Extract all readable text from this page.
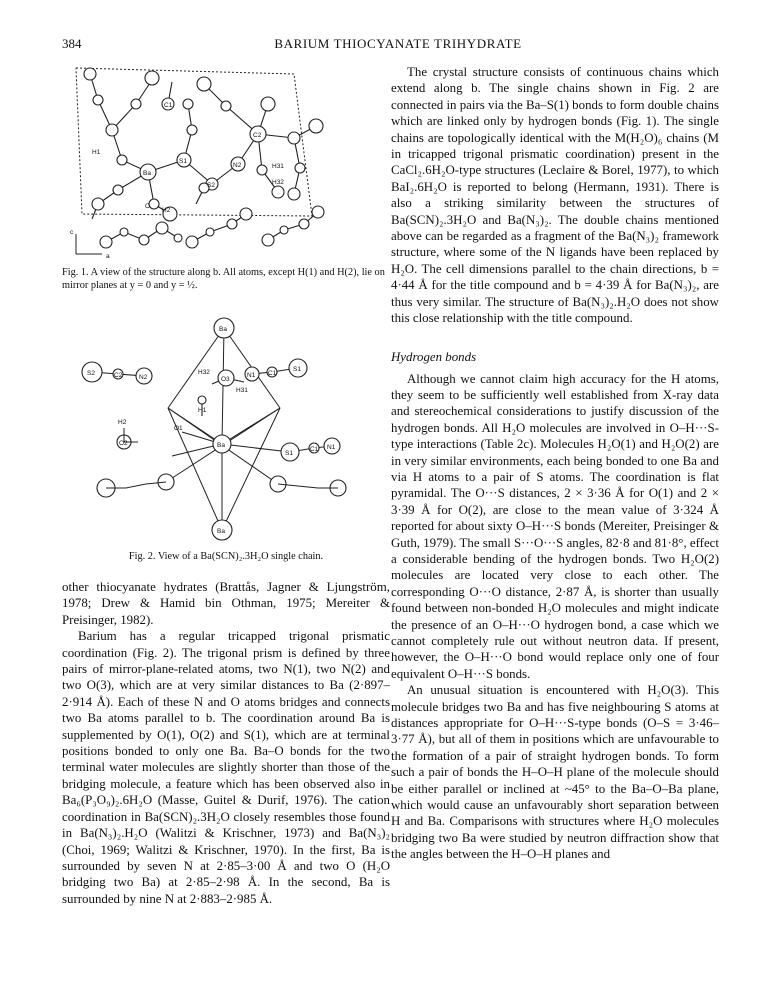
384	BARIUM THIOCYANATE TRIHYDRATE
H1
Ba
S1
S2
N2
H2
H31
H32
C1
C2
O
c
a

Fig. 1. A view of the structure along b. All atoms, except H(1) and H(2), lie on mirror planes at y = 0 and y = ½.

Ba
S2	C2	N2
H32
O3
N1 C1
S1
H31
H1
O1
H2
O2	Ba
S1
C1 N1
Ba

Fig. 2. View of a Ba(SCN)₂.3H₂O single chain.

other thiocyanate hydrates (Brattås, Jagner & Ljungström, 1978; Drew & Hamid bin Othman, 1975; Mereiter & Preisinger, 1982).

Barium has a regular tricapped trigonal prismatic coordination (Fig. 2). The trigonal prism is defined by three pairs of mirror-plane-related atoms, two N(1), two N(2) and two O(3), which are at very similar distances to Ba (2·897–2·914 Å). Each of these N and O atoms bridges and connects two Ba atoms parallel to b. The coordination around Ba is supplemented by O(1), O(2) and S(1), which are at terminal positions bonded to only one Ba. Ba–O bonds for the two terminal water molecules are slightly shorter than those of the bridging molecule, a feature which has been observed also in Ba₆(P₃O₉)₂.6H₂O (Masse, Guitel & Durif, 1976). The cation coordination in Ba(SCN)₂.3H₂O closely resembles those found in Ba(N₃)₂.H₂O (Walitzi & Krischner, 1973) and Ba(N₃)₂ (Choi, 1969; Walitzi & Krischner, 1970). In the first, Ba is surrounded by seven N at 2·85–3·00 Å and two O (H₂O bridging two Ba) at 2·85–2·98 Å. In the second, Ba is surrounded by nine N at 2·883–2·985 Å.

The crystal structure consists of continuous chains which extend along b. The single chains shown in Fig. 2 are connected in pairs via the Ba–S(1) bonds to form double chains which are linked only by hydrogen bonds (Fig. 1). The single chains are topologically identical with the M(H₂O)₆ chains (M in tricapped trigonal prismatic coordination) present in the CaCl₂.6H₂O-type structures (Leclaire & Borel, 1977), to which BaI₂.6H₂O is reported to belong (Hermann, 1931). There is also a striking similarity between the structures of Ba(SCN)₂.3H₂O and Ba(N₃)₂. The double chains mentioned above can be regarded as a fragment of the Ba(N₃)₂ framework structure, where some of the N ligands have been replaced by H₂O. The cell dimensions parallel to the chain directions, b = 4·44 Å for the title compound and b = 4·39 Å for Ba(N₃)₂, are thus very similar. The structure of Ba(N₃)₂.H₂O does not show this close relationship with the title compound.

Hydrogen bonds

Although we cannot claim high accuracy for the H atoms, they seem to be sufficiently well established from X-ray data and stereochemical considerations to justify discussion of the hydrogen bonds. All H₂O molecules are involved in O–H···S-type interactions (Table 2c). Molecules H₂O(1) and H₂O(2) are in very similar environments, each being bonded to one Ba and via H atoms to a pair of S atoms. The coordination is flat pyramidal. The O···S distances, 2 × 3·36 Å for O(1) and 2 × 3·39 Å for O(2), are close to the mean value of 3·324 Å reported for about sixty O–H···S bonds (Mereiter, Preisinger & Guth, 1979). The small S···O···S angles, 82·8 and 81·8°, effect a considerable bending of the hydrogen bonds. Two H₂O(2) molecules are located very close to each other. The corresponding O···O distance, 2·87 Å, is shorter than usually found between non-bonded H₂O molecules and might indicate the presence of an O–H···O hydrogen bond, a case which we cannot completely rule out without neutron data. If present, however, the O–H···O bond would replace only one of four equivalent O–H···S bonds.

An unusual situation is encountered with H₂O(3). This molecule bridges two Ba and has five neighbouring S atoms at distances appropriate for O–H···S-type bonds (O–S = 3·46–3·77 Å), but all of them in positions which are unfavourable to the formation of a pair of straight hydrogen bonds. To form such a pair of bonds the H–O–H plane of the molecule should be either parallel or inclined at ~45° to the Ba–O–Ba plane, which would cause an unfavourably short separation between H and Ba. Comparisons with structures where H₂O molecules bridging two Ba were studied by neutron diffraction show that the angles between the H–O–H planes and
